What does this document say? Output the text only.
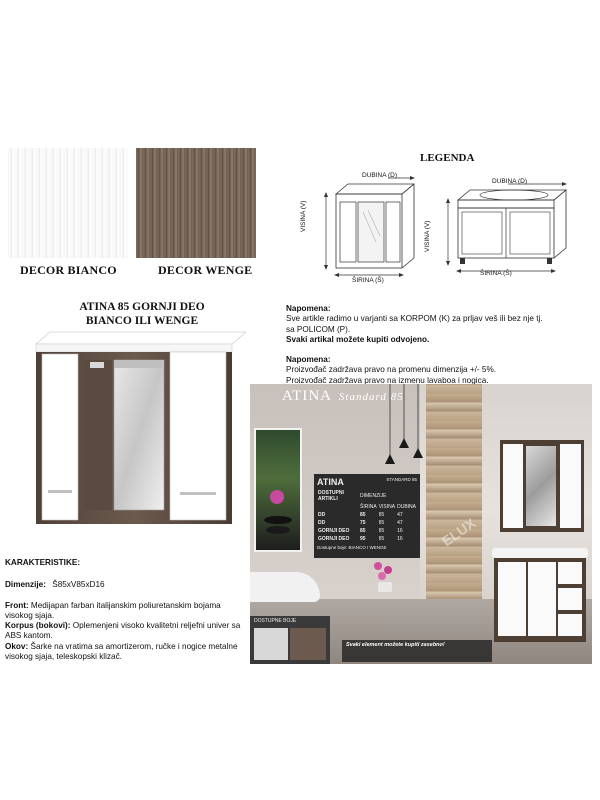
DECOR BIANCO	DECOR WENGE
LEGENDA
DUBINA (D)
VISINA (V)
ŠIRINA (Š)
DUBINA (D)
VISINA (V)
ŠIRINA (Š)
ATINA 85 GORNJI DEO
BIANCO ILI WENGE
Napomena:
Sve artikle radimo u varjanti sa KORPOM (K) za prljav veš ili bez nje tj.
sa POLICOM (P).
Svaki artikal možete kupiti odvojeno.
Napomena:
Proizvođač zadržava pravo na promenu dimenzija +/- 5%.
Proizvođač zadržava pravo na izmenu lavaboa i nogica.
KARAKTERISTIKE:
Dimenzije: Š85xV85xD16
Front: Medijapan farban italijanskim poliuretanskim bojama visokog sjaja.
Korpus (bokovi): Oplemenjeni visoko kvalitetni reljefni univer sa ABS kantom.
Okov: Šarke na vratima sa amortizerom, ručke i nogice metalne visokog sjaja, teleskopski klizač.
ATINA Standard 85
ATINA	STANDARD 85
DOSTUPNI ARTIKLI	DIMENZIJE		
	ŠIRINA	VISINA	DUBINA
DD	85	85	47
DD	75	85	47
GORNJI DEO	85	85	16
GORNJI DEO	95	85	16
Dostupne boje: BIANCO I WENGE
DOSTUPNE BOJE
Svaki element možete kupiti zasebno!
ELUX
